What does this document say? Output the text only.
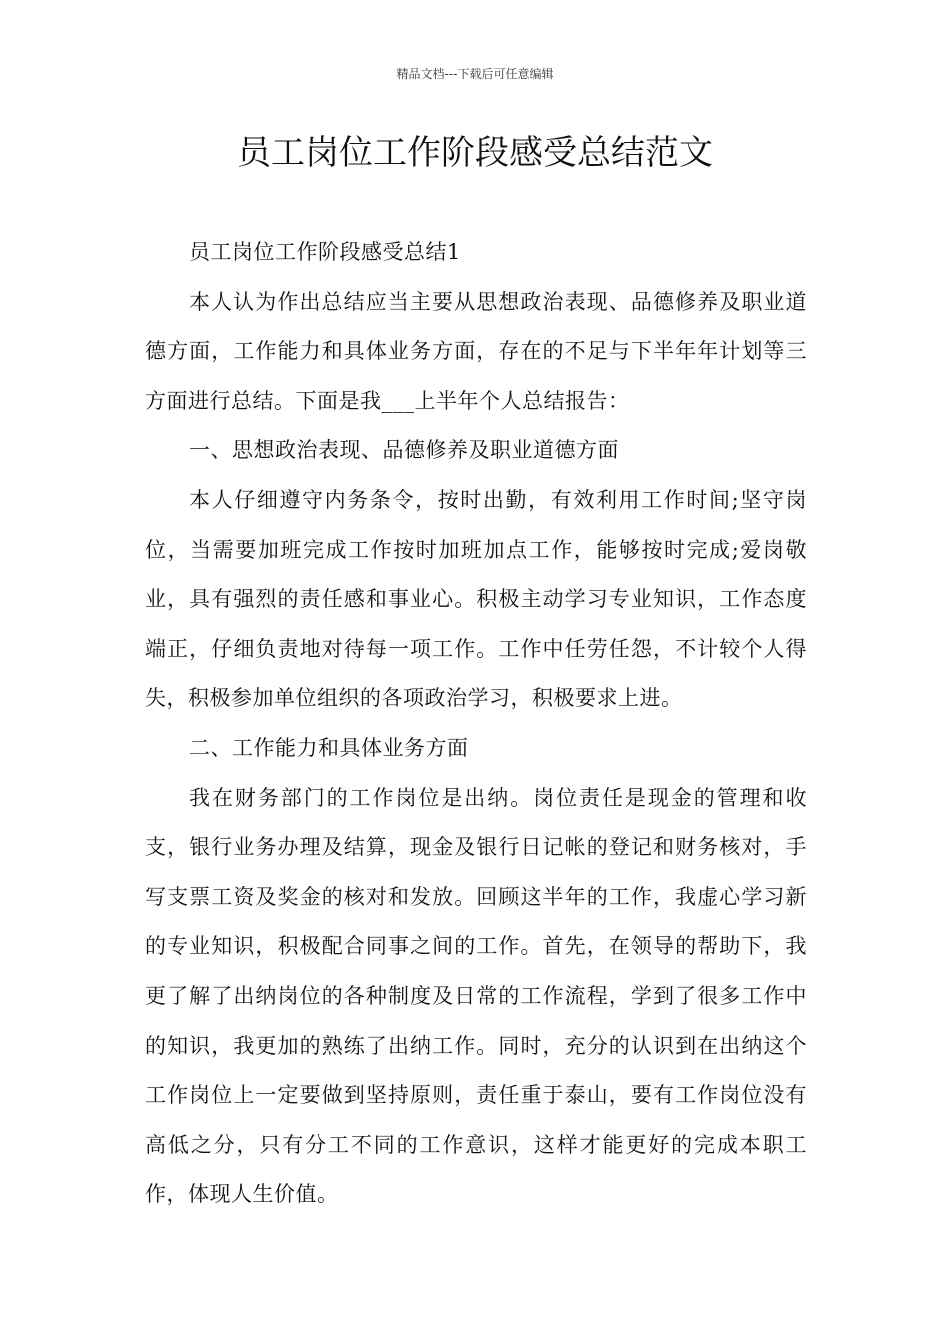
精品文档---下载后可任意编辑
员工岗位工作阶段感受总结范文

员工岗位工作阶段感受总结1

本人认为作出总结应当主要从思想政治表现、品德修养及职业道德方面，工作能力和具体业务方面，存在的不足与下半年年计划等三方面进行总结。下面是我___上半年个人总结报告：

一、思想政治表现、品德修养及职业道德方面

本人仔细遵守内务条令，按时出勤，有效利用工作时间;坚守岗位，当需要加班完成工作按时加班加点工作，能够按时完成;爱岗敬业，具有强烈的责任感和事业心。积极主动学习专业知识，工作态度端正，仔细负责地对待每一项工作。工作中任劳任怨，不计较个人得失，积极参加单位组织的各项政治学习，积极要求上进。

二、工作能力和具体业务方面

我在财务部门的工作岗位是出纳。岗位责任是现金的管理和收支，银行业务办理及结算，现金及银行日记帐的登记和财务核对，手写支票工资及奖金的核对和发放。回顾这半年的工作，我虚心学习新的专业知识，积极配合同事之间的工作。首先，在领导的帮助下，我更了解了出纳岗位的各种制度及日常的工作流程，学到了很多工作中的知识，我更加的熟练了出纳工作。同时，充分的认识到在出纳这个工作岗位上一定要做到坚持原则，责任重于泰山，要有工作岗位没有高低之分，只有分工不同的工作意识，这样才能更好的完成本职工作，体现人生价值。
